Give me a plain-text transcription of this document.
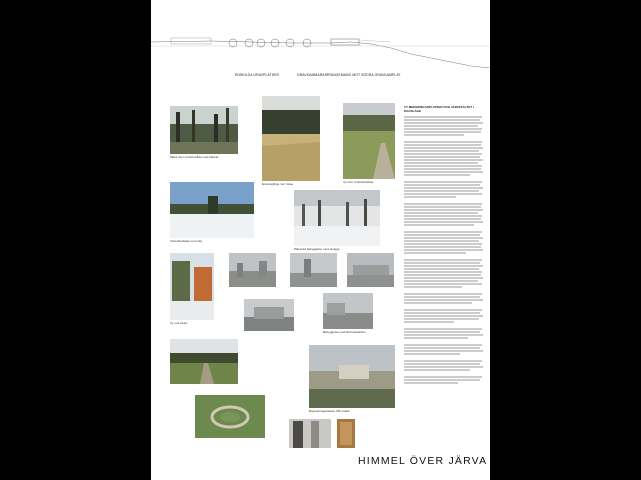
ENSKILDA GRAVPLATSER	GRAVKAMMARAIRRANGEMANG MOT SÖDRA GRAVKAMPLAT
Skiss över entréområde med bänkar
Entrésigtlinje mot rösse	Vy över vinterlandskap
Vinterlandskap med stig
Planerad bebyggelse med skugga
Vy mot söder
Bebyggelse med flerbostadshus
Begravningsplatsen från kullen
VY MEDBORGARPLATSEN OCH JÄRVAFÄLTET I DAGSLÄGE
HIMMEL ÖVER JÄRVA
